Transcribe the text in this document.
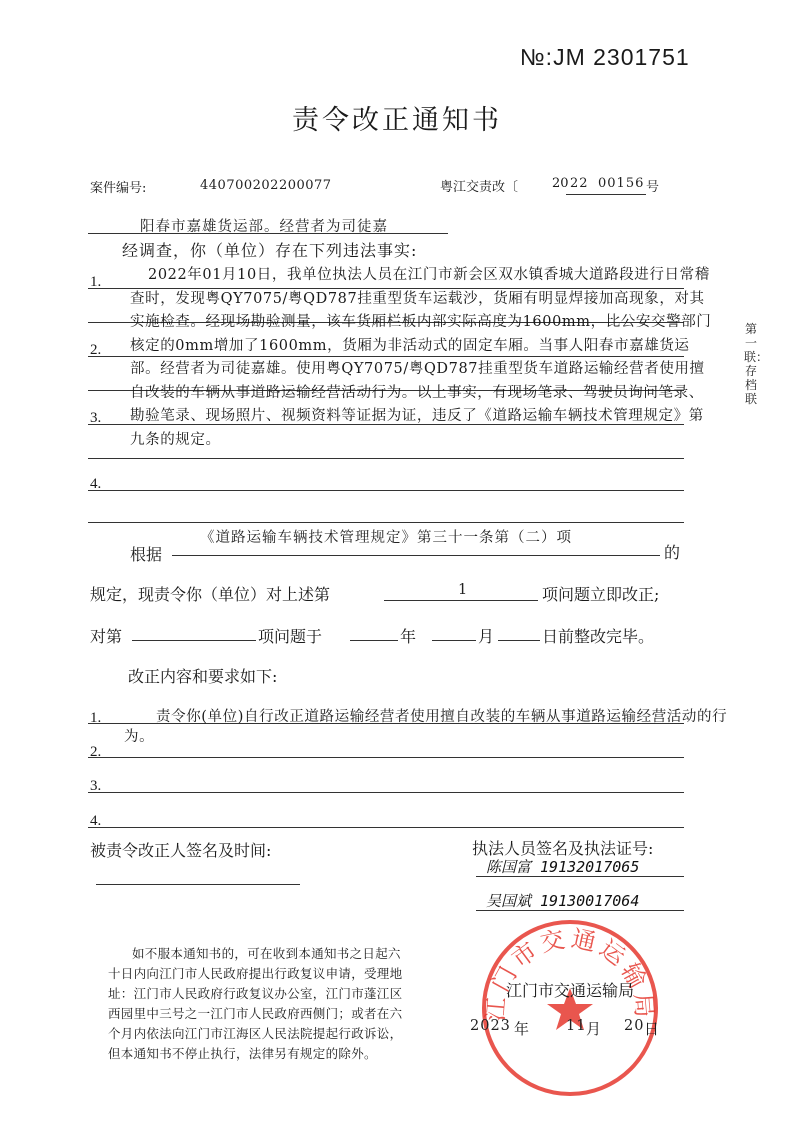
№:JM 2301751
责令改正通知书
案件编号:	440700202200077	粤江交责改〔	20 22 00156 号
阳春市嘉雄货运部。经营者为司徒嘉
经调查，你（单位）存在下列违法事实:
1.
2.
3.
4.
2022年01月10日，我单位执法人员在江门市新会区双水镇香城大道路段进行日常稽查时，发现粤QY7075/粤QD787挂重型货车运载沙，货厢有明显焊接加高现象，对其实施检查。经现场勘验测量，该车货厢栏板内部实际高度为1600mm，比公安交警部门核定的0mm增加了1600mm，货厢为非活动式的固定车厢。当事人阳春市嘉雄货运部。经营者为司徒嘉雄。使用粤QY7075/粤QD787挂重型货车道路运输经营者使用擅自改装的车辆从事道路运输经营活动行为。以上事实，有现场笔录、驾驶员询问笔录、勘验笔录、现场照片、视频资料等证据为证，违反了《道路运输车辆技术管理规定》第九条的规定。
根据
《道路运输车辆技术管理规定》第三十一条第（二）项
的
规定，现责令你（单位）对上述第	1	项问题立即改正;
对第	项问题于	年	月	日前整改完毕。
改正内容和要求如下:
1.
2.
3.
4.
责令你(单位)自行改正道路运输经营者使用擅自改装的车辆从事道路运输经营活动的行为。
第一联：存档联
被责令改正人签名及时间:	执法人员签名及执法证号:
陈国富 19132017065
吴国斌 19130017064
如不服本通知书的，可在收到本通知书之日起六十日内向江门市人民政府提出行政复议申请，受理地址：江门市人民政府行政复议办公室，江门市蓬江区西园里中三号之一江门市人民政府西侧门；或者在六个月内依法向江门市江海区人民法院提起行政诉讼，但本通知书不停止执行，法律另有规定的除外。
江门市交通运输局
江门市交通运输局
2023 年	11 月 20 日
